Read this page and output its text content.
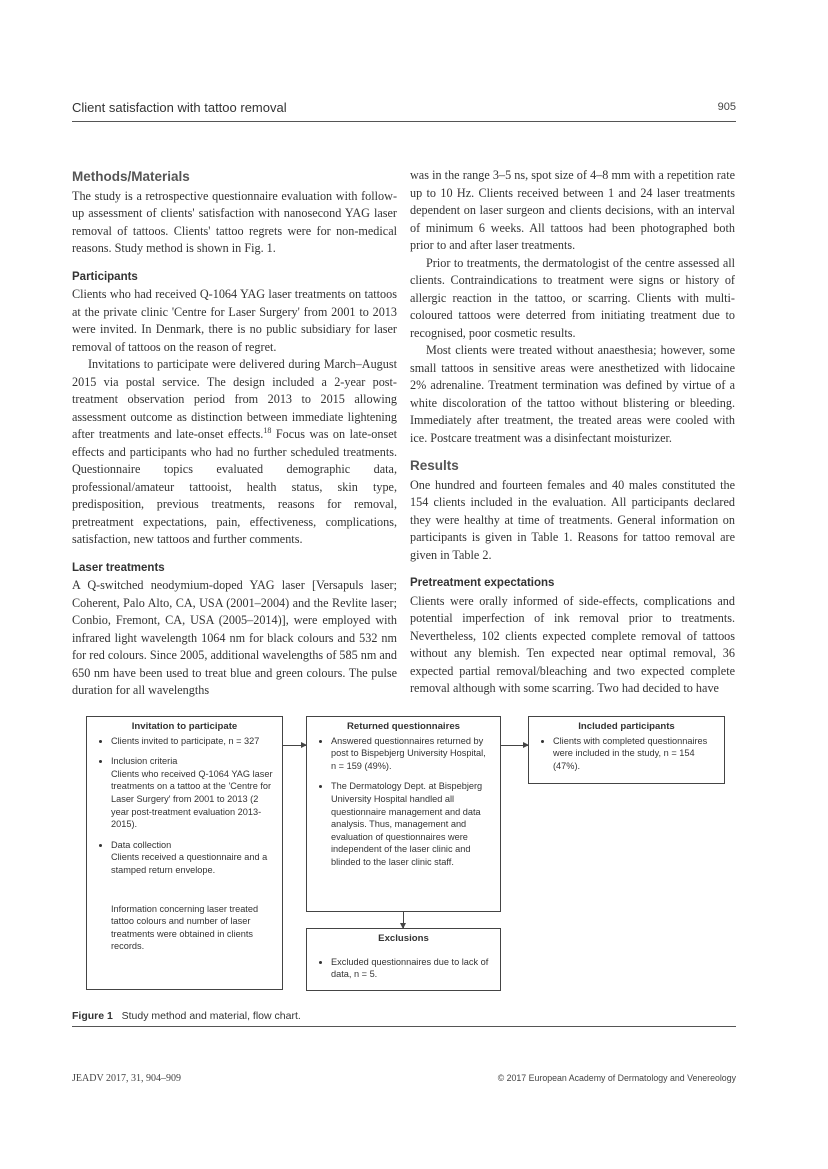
Client satisfaction with tattoo removal	905
Methods/Materials

The study is a retrospective questionnaire evaluation with follow-up assessment of clients' satisfaction with nanosecond YAG laser removal of tattoos. Clients' tattoo regrets were for non-medical reasons. Study method is shown in Fig. 1.

Participants

Clients who had received Q-1064 YAG laser treatments on tattoos at the private clinic 'Centre for Laser Surgery' from 2001 to 2013 were invited. In Denmark, there is no public subsidiary for laser removal of tattoos on the reason of regret.

Invitations to participate were delivered during March–August 2015 via postal service. The design included a 2-year post-treatment observation period from 2013 to 2015 allowing assessment outcome as distinction between immediate lightening after treatments and late-onset effects.$^{18}$ Focus was on late-onset effects and participants who had no further scheduled treatments. Questionnaire topics evaluated demographic data, professional/amateur tattooist, health status, skin type, predisposition, previous treatments, reasons for removal, pretreatment expectations, pain, effectiveness, complications, satisfaction, new tattoos and further comments.

Laser treatments

A Q-switched neodymium-doped YAG laser [Versapuls laser; Coherent, Palo Alto, CA, USA (2001–2004) and the Revlite laser; Conbio, Fremont, CA, USA (2005–2014)], were employed with infrared light wavelength 1064 nm for black colours and 532 nm for red colours. Since 2005, additional wavelengths of 585 nm and 650 nm have been used to treat blue and green colours. The pulse duration for all wavelengths

was in the range 3–5 ns, spot size of 4–8 mm with a repetition rate up to 10 Hz. Clients received between 1 and 24 laser treatments dependent on laser surgeon and clients decisions, with an interval of minimum 6 weeks. All tattoos had been photographed both prior to and after laser treatments.

Prior to treatments, the dermatologist of the centre assessed all clients. Contraindications to treatment were signs or history of allergic reaction in the tattoo, or scarring. Clients with multi-coloured tattoos were deterred from initiating treatment due to recognised, poor cosmetic results.

Most clients were treated without anaesthesia; however, some small tattoos in sensitive areas were anesthetized with lidocaine 2% adrenaline. Treatment termination was defined by virtue of a white discoloration of the tattoo without blistering or bleeding. Immediately after treatment, the treated areas were cooled with ice. Postcare treatment was a disinfectant moisturizer.

Results

One hundred and fourteen females and 40 males constituted the 154 clients included in the evaluation. All participants declared they were healthy at time of treatments. General information on participants is given in Table 1. Reasons for tattoo removal are given in Table 2.

Pretreatment expectations

Clients were orally informed of side-effects, complications and potential imperfection of ink removal prior to treatments. Nevertheless, 102 clients expected complete removal of tattoos without any blemish. Ten expected near optimal removal, 36 expected partial removal/bleaching and two expected complete removal although with some scarring. Two had decided to have

Invitation to participate
• Clients invited to participate, n = 327
• Inclusion criteria
Clients who received Q-1064 YAG laser treatments on a tattoo at the 'Centre for Laser Surgery' from 2001 to 2013 (2 year post-treatment evaluation 2013-2015).
• Data collection
Clients received a questionnaire and a stamped return envelope.
Information concerning laser treated tattoo colours and number of laser treatments were obtained in clients records.
Returned questionnaires
• Answered questionnaires returned by post to Bispebjerg University Hospital, n = 159 (49%).
• The Dermatology Dept. at Bispebjerg University Hospital handled all questionnaire management and data analysis. Thus, management and evaluation of questionnaires were independent of the laser clinic and blinded to the laser clinic staff.
Included participants
• Clients with completed questionnaires were included in the study, n = 154 (47%).
Exclusions
• Excluded questionnaires due to lack of data, n = 5.
Figure 1 Study method and material, flow chart.
JEADV 2017, 31, 904–909	© 2017 European Academy of Dermatology and Venereology
